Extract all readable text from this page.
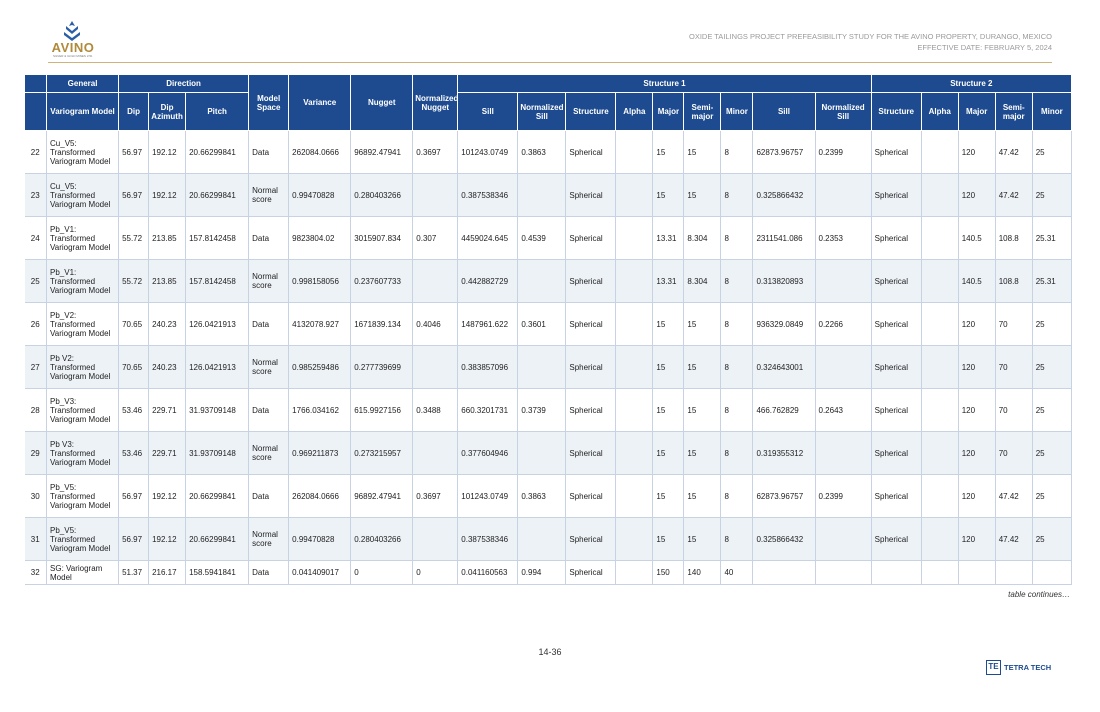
AVINO
SILVER & GOLD MINES LTD.
OXIDE TAILINGS PROJECT PREFEASIBILITY STUDY FOR THE AVINO PROPERTY, DURANGO, MEXICO
EFFECTIVE DATE: FEBRUARY 5, 2024
	General	Direction			Model Space	Variance	Nugget	Normalized Nugget	Structure 1									Structure 2				
	Variogram Model	Dip	Dip Azimuth	Pitch					Sill	Normalized Sill	Structure	Alpha	Major	Semi-major	Minor	Sill	Normalized Sill	Structure	Alpha	Major	Semi-major	Minor
22	Cu_V5: Transformed Variogram Model	56.97	192.12	20.66299841	Data	262084.0666	96892.47941	0.3697	101243.0749	0.3863	Spherical		15	15	8	62873.96757	0.2399	Spherical		120	47.42	25
23	Cu_V5: Transformed Variogram Model	56.97	192.12	20.66299841	Normal score	0.99470828	0.280403266		0.387538346		Spherical		15	15	8	0.325866432		Spherical		120	47.42	25
24	Pb_V1: Transformed Variogram Model	55.72	213.85	157.8142458	Data	9823804.02	3015907.834	0.307	4459024.645	0.4539	Spherical		13.31	8.304	8	2311541.086	0.2353	Spherical		140.5	108.8	25.31
25	Pb_V1: Transformed Variogram Model	55.72	213.85	157.8142458	Normal score	0.998158056	0.237607733		0.442882729		Spherical		13.31	8.304	8	0.313820893		Spherical		140.5	108.8	25.31
26	Pb_V2: Transformed Variogram Model	70.65	240.23	126.0421913	Data	4132078.927	1671839.134	0.4046	1487961.622	0.3601	Spherical		15	15	8	936329.0849	0.2266	Spherical		120	70	25
27	Pb V2: Transformed Variogram Model	70.65	240.23	126.0421913	Normal score	0.985259486	0.277739699		0.383857096		Spherical		15	15	8	0.324643001		Spherical		120	70	25
28	Pb_V3: Transformed Variogram Model	53.46	229.71	31.93709148	Data	1766.034162	615.9927156	0.3488	660.3201731	0.3739	Spherical		15	15	8	466.762829	0.2643	Spherical		120	70	25
29	Pb V3: Transformed Variogram Model	53.46	229.71	31.93709148	Normal score	0.969211873	0.273215957		0.377604946		Spherical		15	15	8	0.319355312		Spherical		120	70	25
30	Pb_V5: Transformed Variogram Model	56.97	192.12	20.66299841	Data	262084.0666	96892.47941	0.3697	101243.0749	0.3863	Spherical		15	15	8	62873.96757	0.2399	Spherical		120	47.42	25
31	Pb_V5: Transformed Variogram Model	56.97	192.12	20.66299841	Normal score	0.99470828	0.280403266		0.387538346		Spherical		15	15	8	0.325866432		Spherical		120	47.42	25
32	SG: Variogram Model	51.37	216.17	158.5941841	Data	0.041409017	0	0	0.041160563	0.994	Spherical		150	140	40							
table continues…
14-36
TE TETRA TECH
